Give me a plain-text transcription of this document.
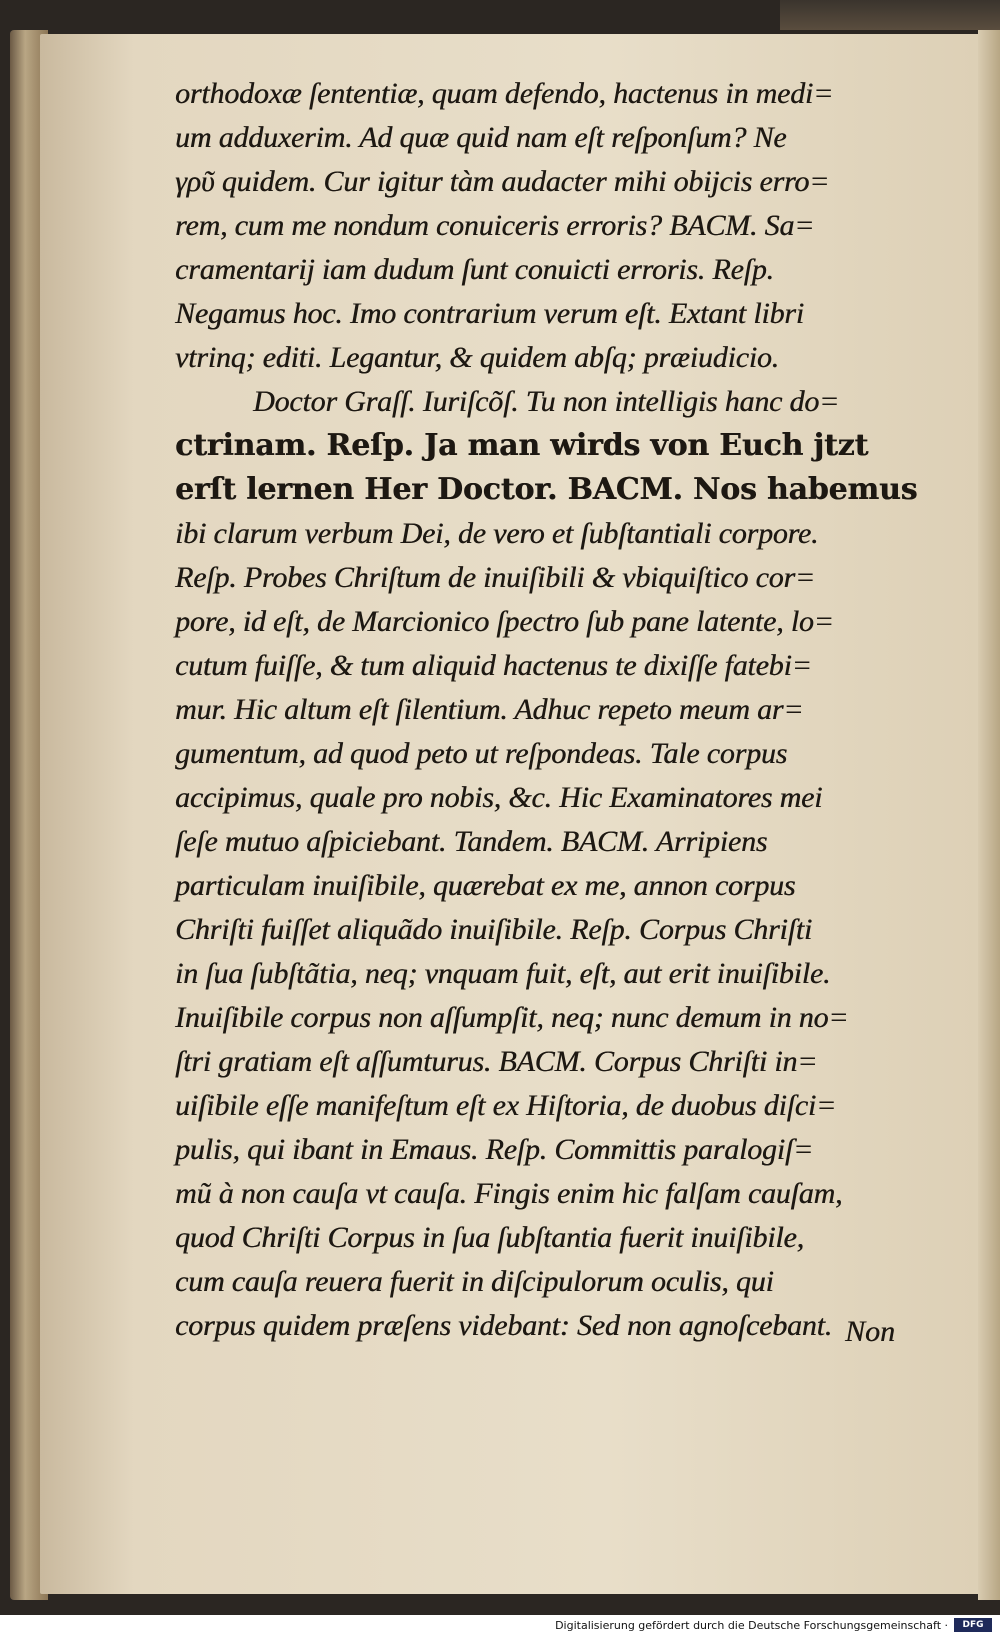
orthodoxæ ſententiæ, quam defendo, hactenus in medi=
um adduxerim. Ad quæ quid nam eſt reſponſum? Ne
γρῦ quidem. Cur igitur tàm audacter mihi obijcis erro=
rem, cum me nondum conuiceris erroris? BACM. Sa=
cramentarij iam dudum ſunt conuicti erroris. Reſp.
Negamus hoc. Imo contrarium verum eſt. Extant libri
vtrinq; editi. Legantur, & quidem abſq; præiudicio.
Doctor Graſſ. Iuriſcõſ. Tu non intelligis hanc do=
ctrinam. Reſp. Ja man wirds von Euch jtzt
erſt lernen Her Doctor. BACM. Nos habemus
ibi clarum verbum Dei, de vero et ſubſtantiali corpore.
Reſp. Probes Chriſtum de inuiſibili & vbiquiſtico cor=
pore, id eſt, de Marcionico ſpectro ſub pane latente, lo=
cutum fuiſſe, & tum aliquid hactenus te dixiſſe fatebi=
mur. Hic altum eſt ſilentium. Adhuc repeto meum ar=
gumentum, ad quod peto ut reſpondeas. Tale corpus
accipimus, quale pro nobis, &c. Hic Examinatores mei
ſeſe mutuo aſpiciebant. Tandem. BACM. Arripiens
particulam inuiſibile, quærebat ex me, annon corpus
Chriſti fuiſſet aliquãdo inuiſibile. Reſp. Corpus Chriſti
in ſua ſubſtãtia, neq; vnquam fuit, eſt, aut erit inuiſibile.
Inuiſibile corpus non aſſumpſit, neq; nunc demum in no=
ſtri gratiam eſt aſſumturus. BACM. Corpus Chriſti in=
uiſibile eſſe manifeſtum eſt ex Hiſtoria, de duobus diſci=
pulis, qui ibant in Emaus. Reſp. Committis paralogiſ=
mũ à non cauſa vt cauſa. Fingis enim hic falſam cauſam,
quod Chriſti Corpus in ſua ſubſtantia fuerit inuiſibile,
cum cauſa reuera fuerit in diſcipulorum oculis, qui
corpus quidem præſens videbant: Sed non agnoſcebant. Non
Digitalisierung gefördert durch die Deutsche Forschungsgemeinschaft ·	DFG
